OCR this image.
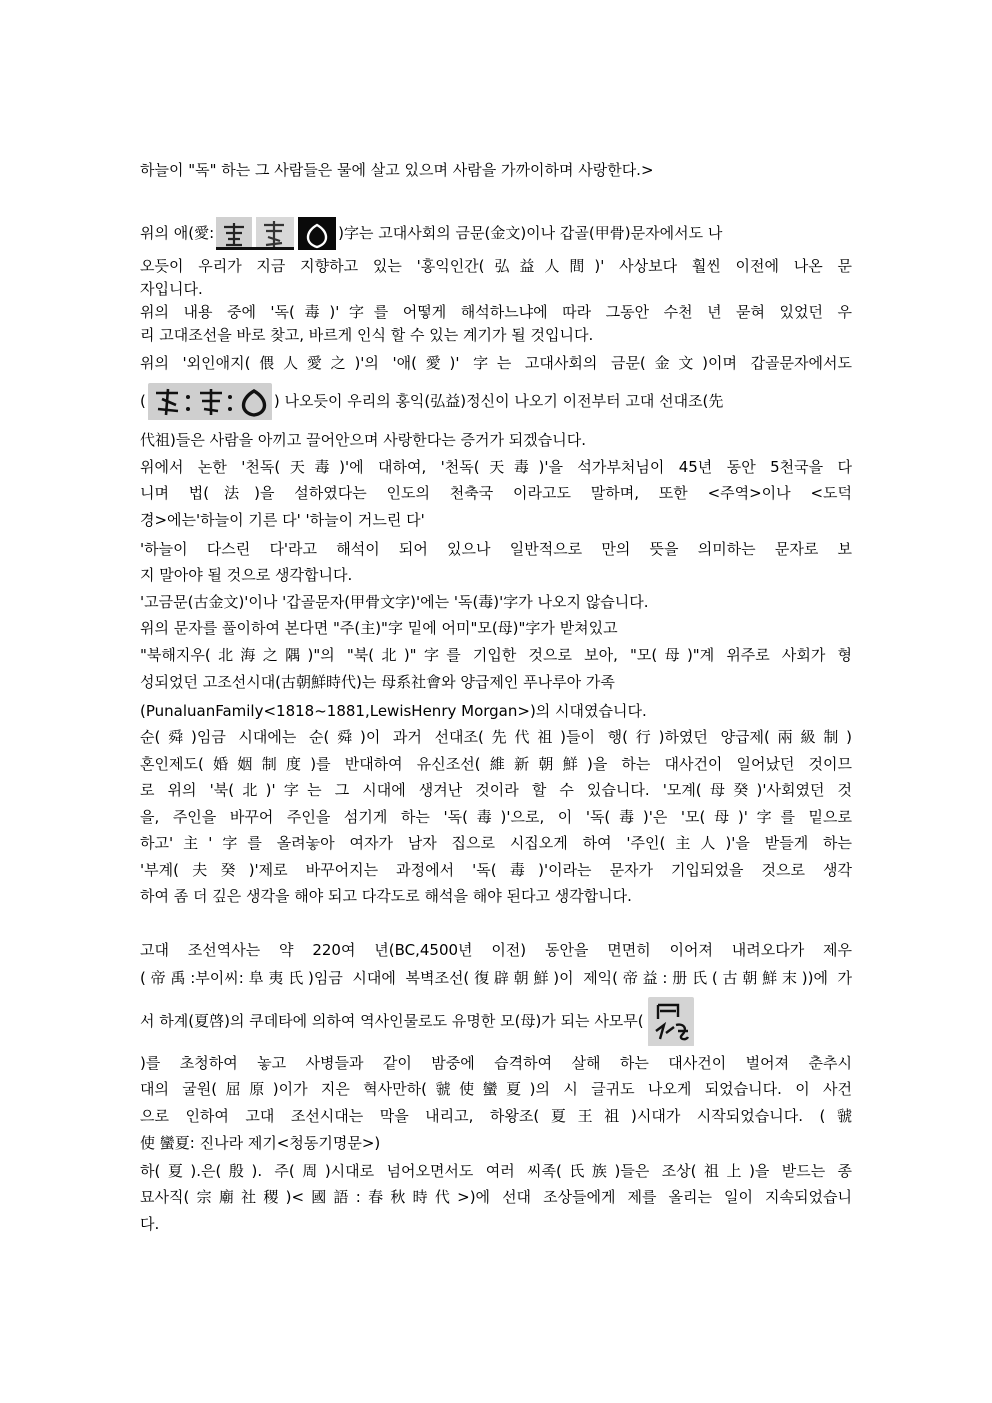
하늘이 "독" 하는 그 사람들은 물에 살고 있으며 사람을 가까이하며 사랑한다.>
위의 애(愛:	)字는 고대사회의 금문(金文)이나 갑골(甲骨)문자에서도 나
오듯이 우리가 지금 지향하고 있는 '홍익인간(弘益人間)' 사상보다 훨씬 이전에 나온 문
자입니다.
위의 내용 중에 '독(毒)'字를 어떻게 해석하느냐에 따라 그동안 수천 년 묻혀 있었던 우
리 고대조선을 바로 찾고, 바르게 인식 할 수 있는 계기가 될 것입니다.
위의 '외인애지(偎人愛之)'의 '애(愛)' 字는 고대사회의 금문(金文)이며 갑골문자에서도
(	) 나오듯이 우리의 홍익(弘益)정신이 나오기 이전부터 고대 선대조(先
代祖)들은 사람을 아끼고 끌어안으며 사랑한다는 증거가 되겠습니다.
위에서 논한 '천독(天毒)'에 대하여, '천독(天毒)'을 석가부처님이 45년 동안 5천국을 다
니며 법(法)을 설하였다는 인도의 천축국 이라고도 말하며, 또한 <주역>이나 <도덕
경>에는'하늘이 기른 다' '하늘이 거느린 다'
'하늘이 다스린 다'라고 해석이 되어 있으나 일반적으로 만의 뜻을 의미하는 문자로 보
지 말아야 될 것으로 생각합니다.
'고금문(古金文)'이나 '갑골문자(甲骨文字)'에는 '독(毒)'字가 나오지 않습니다.
위의 문자를 풀이하여 본다면 "주(主)"字 밑에 어미"모(母)"字가 받쳐있고
"북해지우(北海之隅)"의 "북(北)"字를 기입한 것으로 보아, "모(母)"계 위주로 사회가 형
성되었던 고조선시대(古朝鮮時代)는 母系社會와 양급제인 푸나루아 가족
(PunaluanFamily<1818~1881,LewisHenry Morgan>)의 시대였습니다.
순(舜)임금 시대에는 순(舜)이 과거 선대조(先代祖)들이 행(行)하였던 양급제(兩級制)
혼인제도(婚姻制度)를 반대하여 유신조선(維新朝鮮)을 하는 대사건이 일어났던 것이므
로 위의 '북(北)'字는 그 시대에 생겨난 것이라 할 수 있습니다. '모계(母癸)'사회였던 것
을, 주인을 바꾸어 주인을 섬기게 하는 '독(毒)'으로, 이 '독(毒)'은 '모(母)'字를 밑으로
하고'主'字를 올려놓아 여자가 남자 집으로 시집오게 하여 '주인(主人)'을 받들게 하는
'부계(夫癸)'제로 바꾸어지는 과정에서 '독(毒)'이라는 문자가 기입되었을 것으로 생각
하여 좀 더 깊은 생각을 해야 되고 다각도로 해석을 해야 된다고 생각합니다.
고대 조선역사는 약 220여 년(BC,4500년 이전) 동안을 면면히 이어져 내려오다가 제우
(帝禹:부이씨:阜夷氏)임금 시대에 복벽조선(復辟朝鮮)이 제익(帝益:册氏(古朝鮮末))에 가
서 하계(夏啓)의 쿠데타에 의하여 역사인물로도 유명한 모(母)가 되는 사모무(
)를 초청하여 놓고 사병들과 같이 밤중에 습격하여 살해 하는 대사건이 벌어져 춘추시
대의 굴원(屈原)이가 지은 혁사만하(虢使蠻夏)의 시 글귀도 나오게 되었습니다. 이 사건
으로 인하여 고대 조선시대는 막을 내리고, 하왕조(夏王祖)시대가 시작되었습니다. (虢
使 蠻夏: 진나라 제기<청동기명문>)
하(夏).은(殷). 주(周)시대로 넘어오면서도 여러 씨족(氏族)들은 조상(祖上)을 받드는 종
묘사직(宗廟社稷)<國語:春秋時代>)에 선대 조상들에게 제를 올리는 일이 지속되었습니
다.
